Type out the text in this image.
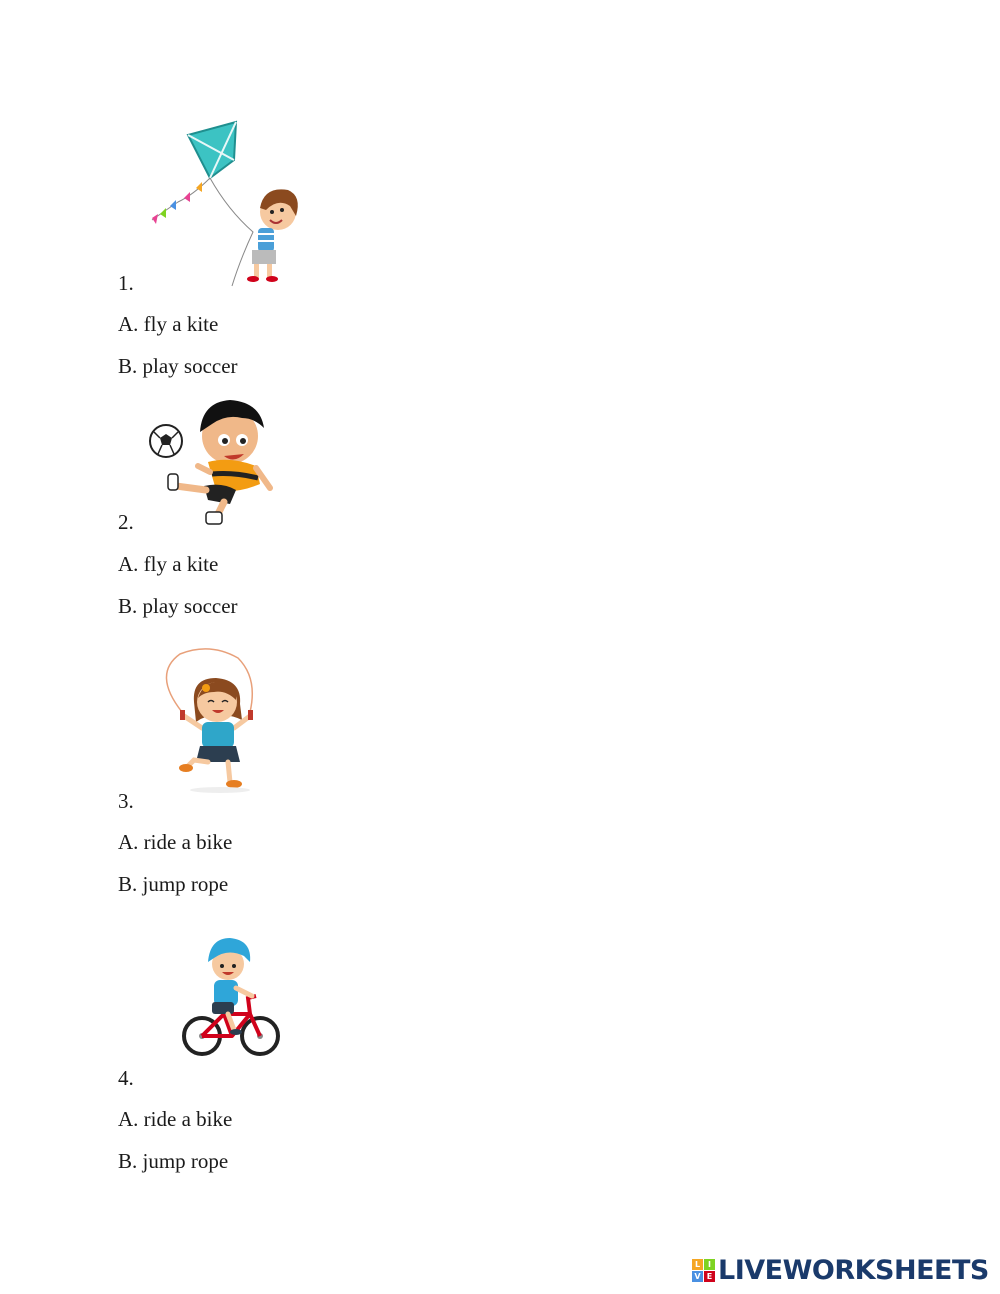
1.

A. fly a kite

B. play soccer

2.

A. fly a kite

B. play soccer

3.

A. ride a bike

B. jump rope

4.

A. ride a bike

B. jump rope

L I
V E LIVEWORKSHEETS
